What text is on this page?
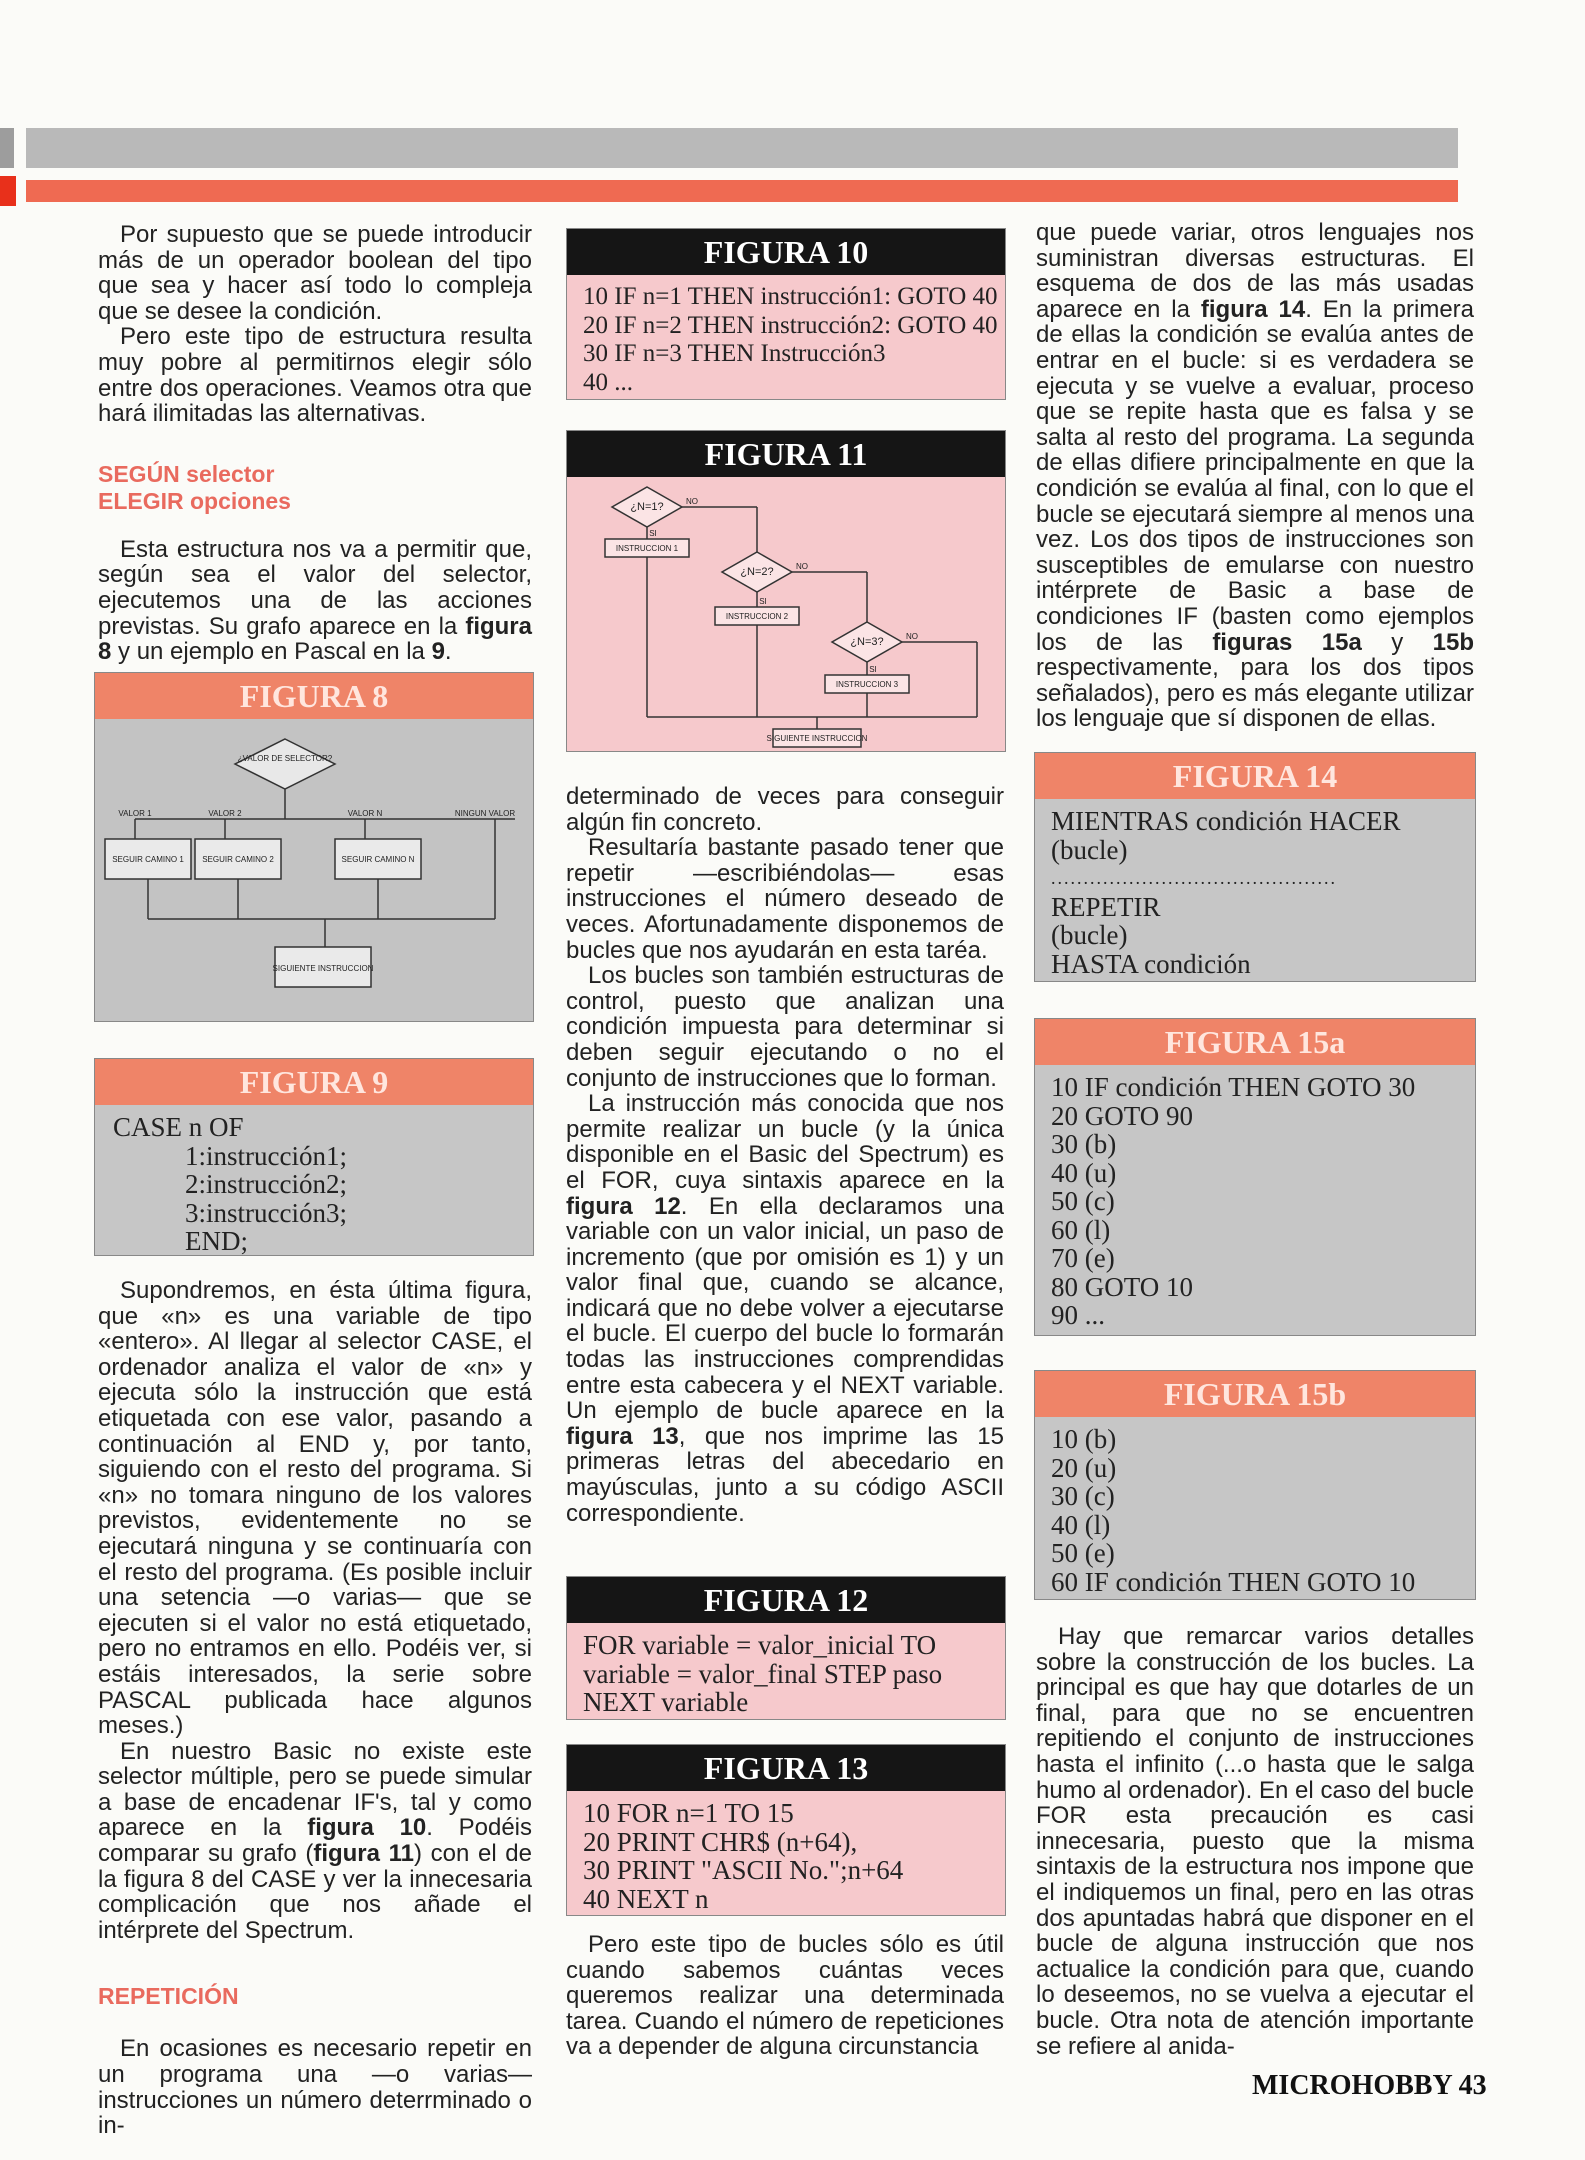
Por supuesto que se puede introducir más de un operador boolean del tipo que sea y hacer así todo lo compleja que se desee la condición.

Pero este tipo de estructura resulta muy pobre al permitirnos elegir sólo entre dos operaciones. Veamos otra que hará ilimitadas las alternativas.

SEGÚN selector
ELEGIR opciones

Esta estructura nos va a permitir que, según sea el valor del selector, ejecutemos una de las acciones previstas. Su grafo aparece en la figura 8 y un ejemplo en Pascal en la 9.

FIGURA 8
¿VALOR DE SELECTOR?
VALOR 1	VALOR 2	VALOR N	NINGUN VALOR
SEGUIR CAMINO 1 SEGUIR CAMINO 2	SEGUIR CAMINO N
SIGUIENTE INSTRUCCION
FIGURA 9
CASE n OF
1:instrucción1;
2:instrucción2;
3:instrucción3;
END;

Supondremos, en ésta última figura, que «n» es una variable de tipo «entero». Al llegar al selector CASE, el ordenador analiza el valor de «n» y ejecuta sólo la instrucción que está etiquetada con ese valor, pasando a continuación al END y, por tanto, siguiendo con el resto del programa. Si «n» no tomara ninguno de los valores previstos, evidentemente no se ejecutará ninguna y se continuaría con el resto del programa. (Es posible incluir una setencia —o varias— que se ejecuten si el valor no está etiquetado, pero no entramos en ello. Podéis ver, si estáis interesados, la serie sobre PASCAL publicada hace algunos meses.)

En nuestro Basic no existe este selector múltiple, pero se puede simular a base de encadenar IF's, tal y como aparece en la figura 10. Podéis comparar su grafo (figura 11) con el de la figura 8 del CASE y ver la innecesaria complicación que nos añade el intérprete del Spectrum.

REPETICIÓN

En ocasiones es necesario repetir en un programa una —o varias— instrucciones un número deterrminado o in-

FIGURA 10
10 IF n=1 THEN instrucción1: GOTO 40
20 IF n=2 THEN instrucción2: GOTO 40
30 IF n=3 THEN Instrucción3
40 ...
FIGURA 11
¿N=1?
¿N=2?
¿N=3?
NO
NO
NO
SI
SI
SI
INSTRUCCION 1
INSTRUCCION 2
INSTRUCCION 3
SIGUIENTE INSTRUCCION

determinado de veces para conseguir algún fin concreto.

Resultaría bastante pasado tener que repetir —escribiéndolas— esas instrucciones el número deseado de veces. Afortunadamente disponemos de bucles que nos ayudarán en esta taréa.

Los bucles son también estructuras de control, puesto que analizan una condición impuesta para determinar si deben seguir ejecutando o no el conjunto de instrucciones que lo forman.

La instrucción más conocida que nos permite realizar un bucle (y la única disponible en el Basic del Spectrum) es el FOR, cuya sintaxis aparece en la figura 12. En ella declaramos una variable con un valor inicial, un paso de incremento (que por omisión es 1) y un valor final que, cuando se alcance, indicará que no debe volver a ejecutarse el bucle. El cuerpo del bucle lo formarán todas las instrucciones comprendidas entre esta cabecera y el NEXT variable. Un ejemplo de bucle aparece en la figura 13, que nos imprime las 15 primeras letras del abecedario en mayúsculas, junto a su código ASCII correspondiente.

FIGURA 12
FOR variable = valor_inicial TO
variable = valor_final STEP paso
NEXT variable
FIGURA 13
10 FOR n=1 TO 15
20 PRINT CHR$ (n+64),
30 PRINT "ASCII No.";n+64
40 NEXT n

Pero este tipo de bucles sólo es útil cuando sabemos cuántas veces queremos realizar una determinada tarea. Cuando el número de repeticiones va a depender de alguna circunstancia

que puede variar, otros lenguajes nos suministran diversas estructuras. El esquema de dos de las más usadas aparece en la figura 14. En la primera de ellas la condición se evalúa antes de entrar en el bucle: si es verdadera se ejecuta y se vuelve a evaluar, proceso que se repite hasta que es falsa y se salta al resto del programa. La segunda de ellas difiere principalmente en que la condición se evalúa al final, con lo que el bucle se ejecutará siempre al menos una vez. Los dos tipos de instrucciones son susceptibles de emularse con nuestro intérprete de Basic a base de condiciones IF (basten como ejemplos los de las figuras 15a y 15b respectivamente, para los dos tipos señalados), pero es más elegante utilizar los lenguaje que sí disponen de ellas.

FIGURA 14
MIENTRAS condición HACER
(bucle)
............................................
REPETIR
(bucle)
HASTA condición
FIGURA 15a
10 IF condición THEN GOTO 30
20 GOTO 90
30 (b)
40 (u)
50 (c)
60 (l)
70 (e)
80 GOTO 10
90 ...
FIGURA 15b
10 (b)
20 (u)
30 (c)
40 (l)
50 (e)
60 IF condición THEN GOTO 10

Hay que remarcar varios detalles sobre la construcción de los bucles. La principal es que hay que dotarles de un final, para que no se encuentren repitiendo el conjunto de instrucciones hasta el infinito (...o hasta que le salga humo al ordenador). En el caso del bucle FOR esta precaución es casi innecesaria, puesto que la misma sintaxis de la estructura nos impone que el indiquemos un final, pero en las otras dos apuntadas habrá que disponer en el bucle de alguna instrucción que nos actualice la condición para que, cuando lo deseemos, no se vuelva a ejecutar el bucle. Otra nota de atención importante se refiere al anida-

MICROHOBBY 43
